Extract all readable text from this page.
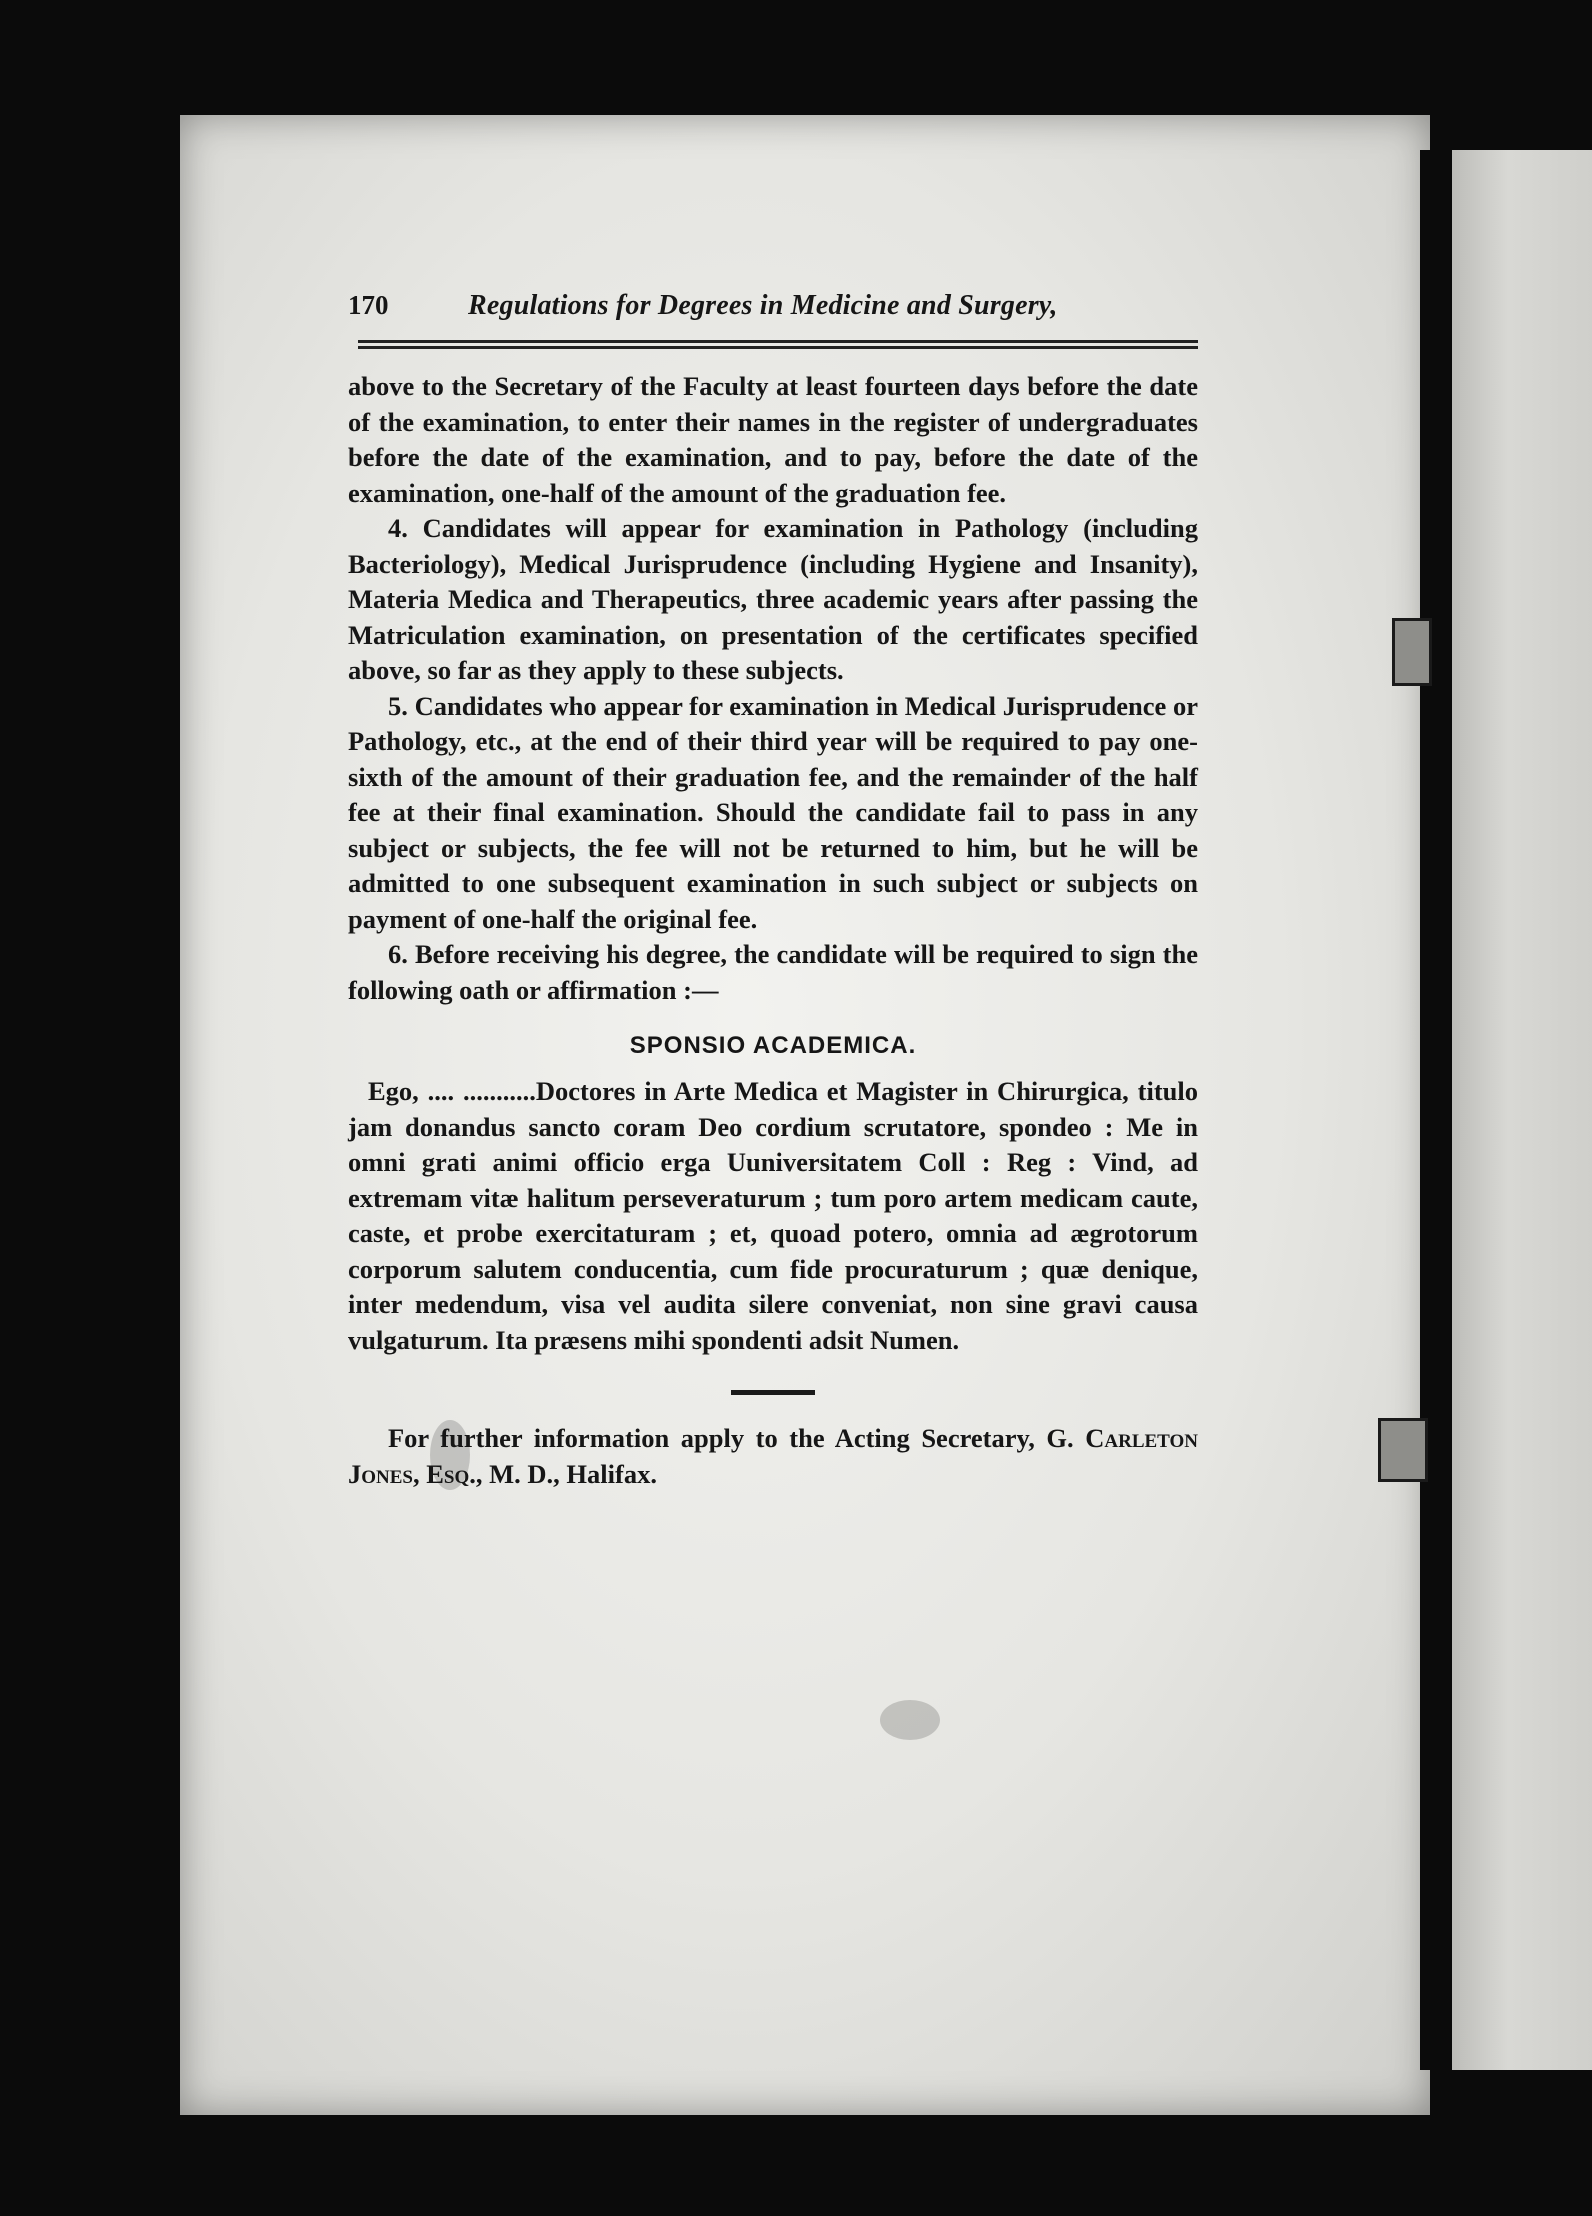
170	Regulations for Degrees in Medicine and Surgery,

above to the Secretary of the Faculty at least fourteen days before the date of the examination, to enter their names in the register of undergraduates before the date of the examination, and to pay, before the date of the examination, one-half of the amount of the graduation fee.

4. Candidates will appear for examination in Pathology (including Bacteriology), Medical Jurisprudence (including Hygiene and Insanity), Materia Medica and Therapeutics, three academic years after passing the Matriculation examination, on presentation of the certificates specified above, so far as they apply to these subjects.

5. Candidates who appear for examination in Medical Jurisprudence or Pathology, etc., at the end of their third year will be required to pay one-sixth of the amount of their graduation fee, and the remainder of the half fee at their final examination. Should the candidate fail to pass in any subject or subjects, the fee will not be returned to him, but he will be admitted to one subsequent examination in such subject or subjects on payment of one-half the original fee.

6. Before receiving his degree, the candidate will be required to sign the following oath or affirmation :—

SPONSIO ACADEMICA.

Ego, .... ...........Doctores in Arte Medica et Magister in Chirurgica, titulo jam donandus sancto coram Deo cordium scrutatore, spondeo : Me in omni grati animi officio erga Uuniversitatem Coll : Reg : Vind, ad extremam vitæ halitum perseveraturum ; tum poro artem medicam caute, caste, et probe exercitaturam ; et, quoad potero, omnia ad ægrotorum corporum salutem conducentia, cum fide procuraturum ; quæ denique, inter medendum, visa vel audita silere conveniat, non sine gravi causa vulgaturum. Ita præsens mihi spondenti adsit Numen.

For further information apply to the Acting Secretary, G. Carleton Jones, Esq., M. D., Halifax.
